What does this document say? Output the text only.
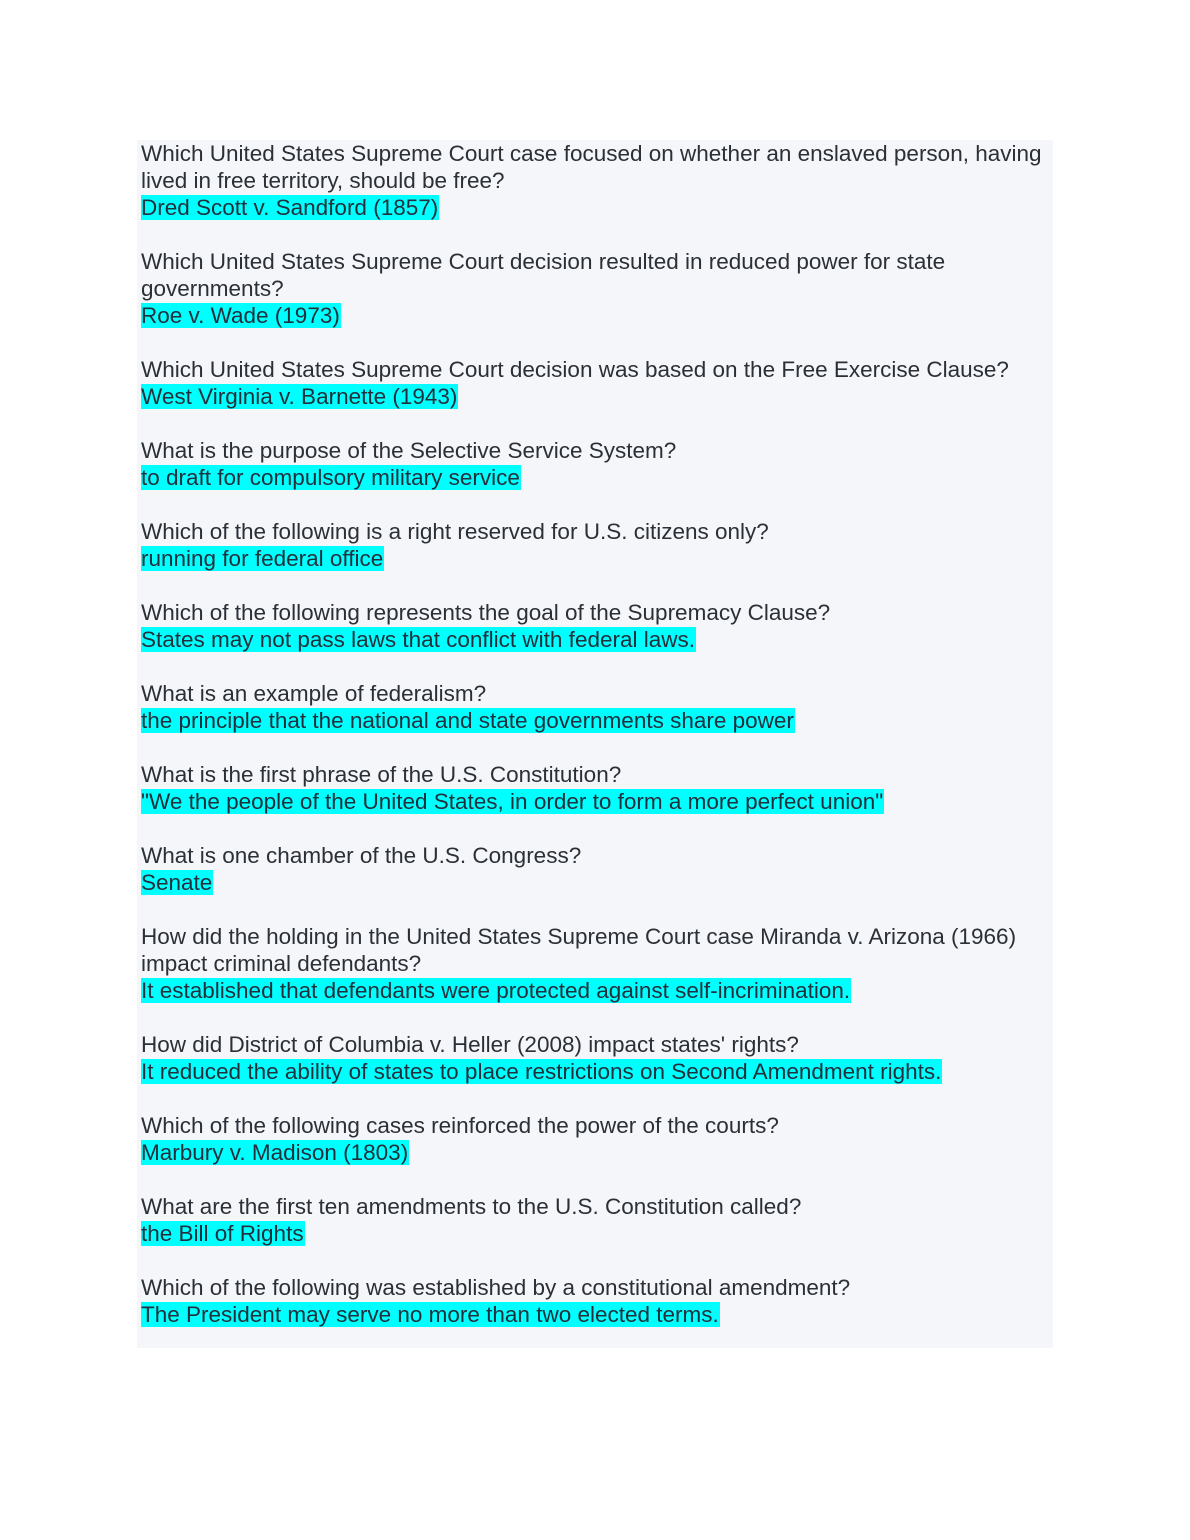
Which United States Supreme Court case focused on whether an enslaved person, having lived in free territory, should be free?
Dred Scott v. Sandford (1857)
Which United States Supreme Court decision resulted in reduced power for state governments?
Roe v. Wade (1973)
Which United States Supreme Court decision was based on the Free Exercise Clause?
West Virginia v. Barnette (1943)
What is the purpose of the Selective Service System?
to draft for compulsory military service
Which of the following is a right reserved for U.S. citizens only?
running for federal office
Which of the following represents the goal of the Supremacy Clause?
States may not pass laws that conflict with federal laws.
What is an example of federalism?
the principle that the national and state governments share power
What is the first phrase of the U.S. Constitution?
"We the people of the United States, in order to form a more perfect union"
What is one chamber of the U.S. Congress?
Senate
How did the holding in the United States Supreme Court case Miranda v. Arizona (1966) impact criminal defendants?
It established that defendants were protected against self-incrimination.
How did District of Columbia v. Heller (2008) impact states' rights?
It reduced the ability of states to place restrictions on Second Amendment rights.
Which of the following cases reinforced the power of the courts?
Marbury v. Madison (1803)
What are the first ten amendments to the U.S. Constitution called?
the Bill of Rights
Which of the following was established by a constitutional amendment?
The President may serve no more than two elected terms.
